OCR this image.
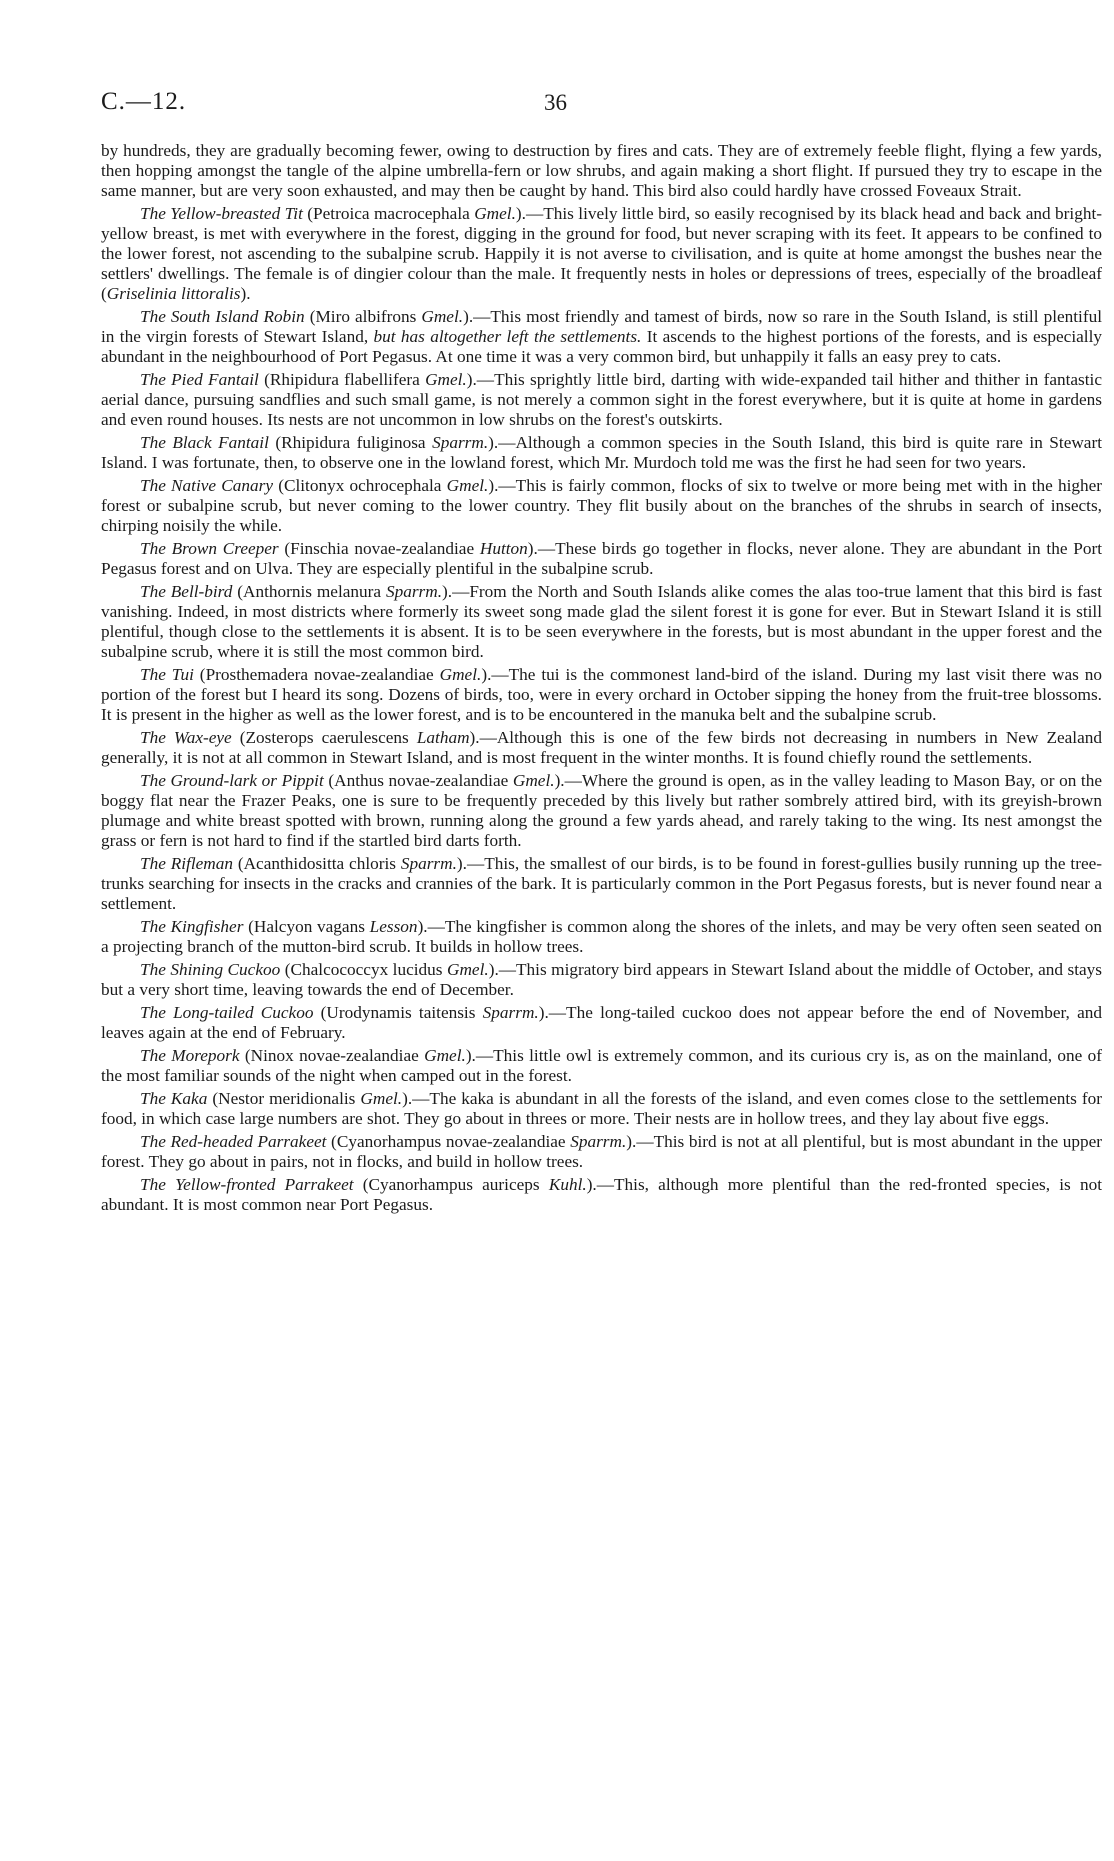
C.—12.	36

by hundreds, they are gradually becoming fewer, owing to destruction by fires and cats. They are of extremely feeble flight, flying a few yards, then hopping amongst the tangle of the alpine umbrella-fern or low shrubs, and again making a short flight. If pursued they try to escape in the same manner, but are very soon exhausted, and may then be caught by hand. This bird also could hardly have crossed Foveaux Strait.

The Yellow-breasted Tit (Petroica macrocephala Gmel.).—This lively little bird, so easily recognised by its black head and back and bright-yellow breast, is met with everywhere in the forest, digging in the ground for food, but never scraping with its feet. It appears to be confined to the lower forest, not ascending to the subalpine scrub. Happily it is not averse to civilisation, and is quite at home amongst the bushes near the settlers' dwellings. The female is of dingier colour than the male. It frequently nests in holes or depressions of trees, especially of the broadleaf (Griselinia littoralis).

The South Island Robin (Miro albifrons Gmel.).—This most friendly and tamest of birds, now so rare in the South Island, is still plentiful in the virgin forests of Stewart Island, but has altogether left the settlements. It ascends to the highest portions of the forests, and is especially abundant in the neighbourhood of Port Pegasus. At one time it was a very common bird, but unhappily it falls an easy prey to cats.

The Pied Fantail (Rhipidura flabellifera Gmel.).—This sprightly little bird, darting with wide-expanded tail hither and thither in fantastic aerial dance, pursuing sandflies and such small game, is not merely a common sight in the forest everywhere, but it is quite at home in gardens and even round houses. Its nests are not uncommon in low shrubs on the forest's outskirts.

The Black Fantail (Rhipidura fuliginosa Sparrm.).—Although a common species in the South Island, this bird is quite rare in Stewart Island. I was fortunate, then, to observe one in the lowland forest, which Mr. Murdoch told me was the first he had seen for two years.

The Native Canary (Clitonyx ochrocephala Gmel.).—This is fairly common, flocks of six to twelve or more being met with in the higher forest or subalpine scrub, but never coming to the lower country. They flit busily about on the branches of the shrubs in search of insects, chirping noisily the while.

The Brown Creeper (Finschia novae-zealandiae Hutton).—These birds go together in flocks, never alone. They are abundant in the Port Pegasus forest and on Ulva. They are especially plentiful in the subalpine scrub.

The Bell-bird (Anthornis melanura Sparrm.).—From the North and South Islands alike comes the alas too-true lament that this bird is fast vanishing. Indeed, in most districts where formerly its sweet song made glad the silent forest it is gone for ever. But in Stewart Island it is still plentiful, though close to the settlements it is absent. It is to be seen everywhere in the forests, but is most abundant in the upper forest and the subalpine scrub, where it is still the most common bird.

The Tui (Prosthemadera novae-zealandiae Gmel.).—The tui is the commonest land-bird of the island. During my last visit there was no portion of the forest but I heard its song. Dozens of birds, too, were in every orchard in October sipping the honey from the fruit-tree blossoms. It is present in the higher as well as the lower forest, and is to be encountered in the manuka belt and the subalpine scrub.

The Wax-eye (Zosterops caerulescens Latham).—Although this is one of the few birds not decreasing in numbers in New Zealand generally, it is not at all common in Stewart Island, and is most frequent in the winter months. It is found chiefly round the settlements.

The Ground-lark or Pippit (Anthus novae-zealandiae Gmel.).—Where the ground is open, as in the valley leading to Mason Bay, or on the boggy flat near the Frazer Peaks, one is sure to be frequently preceded by this lively but rather sombrely attired bird, with its greyish-brown plumage and white breast spotted with brown, running along the ground a few yards ahead, and rarely taking to the wing. Its nest amongst the grass or fern is not hard to find if the startled bird darts forth.

The Rifleman (Acanthidositta chloris Sparrm.).—This, the smallest of our birds, is to be found in forest-gullies busily running up the tree-trunks searching for insects in the cracks and crannies of the bark. It is particularly common in the Port Pegasus forests, but is never found near a settlement.

The Kingfisher (Halcyon vagans Lesson).—The kingfisher is common along the shores of the inlets, and may be very often seen seated on a projecting branch of the mutton-bird scrub. It builds in hollow trees.

The Shining Cuckoo (Chalcococcyx lucidus Gmel.).—This migratory bird appears in Stewart Island about the middle of October, and stays but a very short time, leaving towards the end of December.

The Long-tailed Cuckoo (Urodynamis taitensis Sparrm.).—The long-tailed cuckoo does not appear before the end of November, and leaves again at the end of February.

The Morepork (Ninox novae-zealandiae Gmel.).—This little owl is extremely common, and its curious cry is, as on the mainland, one of the most familiar sounds of the night when camped out in the forest.

The Kaka (Nestor meridionalis Gmel.).—The kaka is abundant in all the forests of the island, and even comes close to the settlements for food, in which case large numbers are shot. They go about in threes or more. Their nests are in hollow trees, and they lay about five eggs.

The Red-headed Parrakeet (Cyanorhampus novae-zealandiae Sparrm.).—This bird is not at all plentiful, but is most abundant in the upper forest. They go about in pairs, not in flocks, and build in hollow trees.

The Yellow-fronted Parrakeet (Cyanorhampus auriceps Kuhl.).—This, although more plentiful than the red-fronted species, is not abundant. It is most common near Port Pegasus.
